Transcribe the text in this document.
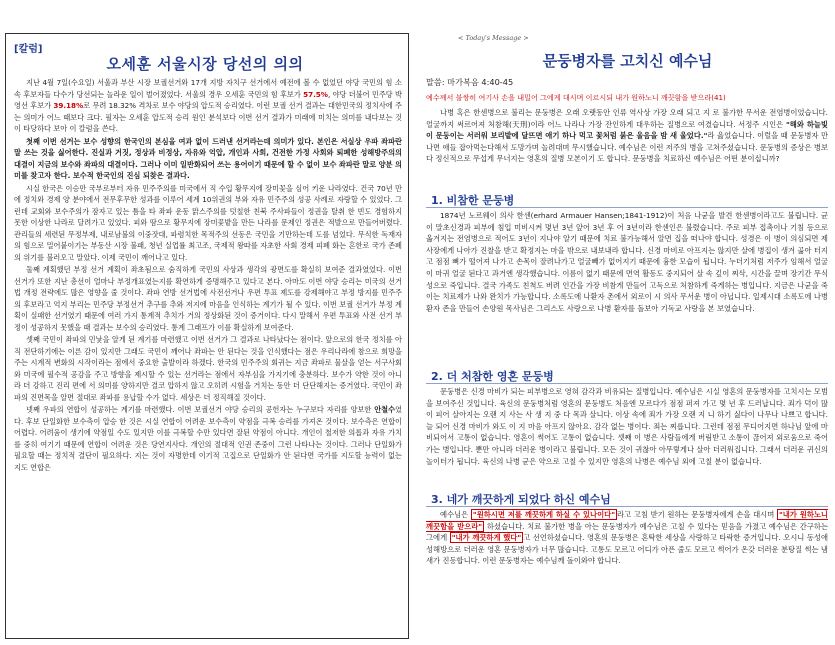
[칼럼]
오세훈 서울시장 당선의 의의

지난 4월 7일(수요일) 서울과 부산 시장 보궐선거와 17개 지방 자치구 선거에서 예전에 볼 수 없었던 야당 국민의 힘 소속 후보자들 다수가 당선되는 놀라운 일이 벌어졌었다. 서울의 경우 오세훈 국민의 힘 후보가 57.5%, 야당 더불어 민주당 박영선 후보가 39.18%로 무려 18.32% 격차로 보수 야당의 압도적 승리였다. 이런 보궐 선거 결과는 대한민국의 정치사에 주는 의미가 어느 때보다 크다. 필자는 오세훈 압도적 승리 원인 분석보다 이번 선거 결과가 미래에 미치는 의미를 내다보는 것이 타당하다 보아 이 칼럼을 쓴다.

첫째 이번 선거는 보수 성향의 한국인의 본심을 여과 없이 드러낸 선거라는데 의미가 있다. 본인은 서실상 우파 좌파란 말 쓰는 것을 싫어한다. 진실과 거짓, 정상과 비정상, 자유와 억압, 개인과 사회, 건전한 가정 사회와 퇴폐한 성해방주의의 대결이 지금의 보수와 좌파의 대결이다. 그러나 이미 일반화되어 쓰는 용어이기 때문에 할 수 없이 보수 좌파란 말로 양분 의미를 찾고자 한다. 보수적 한국인의 진심 되찾은 결과다.

시실 한국은 이승만 국부로부터 자유 민주주의를 미국에서 직 수입 황무지에 장미꽃을 심어 키운 나라였다. 건국 70년 만에 정치와 경제 양 분야에서 전무후무한 성과를 이루어 세계 10위권의 부와 자유 민주주의 성공 사례로 자랑할 수 있었다. 그런데 교회와 보수주의가 잠자고 있는 틈을 타 좌파 운동 맑스주의를 덧칠한 친북 주사파들이 정권을 탈취 한 빈도 경험하지 못한 이상한 나라로 달려가고 있었다. 피와 땀으로 황무지에 장미꽃밭을 만든 나라를 문제인 정권은 적발으로 만들어버렸다. 관리들의 세련된 무정부제, 내로남불의 이중잣대, 파렴치한 목적주의 선동은 국민을 기만하는데 도를 넘었다. 무식한 독재자의 힘으로 밀어붙이기는 부동산 시장 불패, 청년 실업률 최고조, 국제적 왕따를 자초한 사회 경제 피폐 화는 흔한로 국가 존폐의 위기를 불러오고 말았다. 이제 국민이 깨어나고 있다.

둘째 계획했던 부정 선거 계획이 좌초됨으로 숨직하게 국민의 사상과 생각의 광면도를 확실히 보여준 결과였었다. 이번 선거가 또한 지난 총선이 얼마나 부정개표였는지를 확연하게 증명해주고 있다고 본다. 아마도 이번 야당 승리는 미국의 선거법 개정 전략에도 많은 영향을 줄 것이다. 좌파 연방 선거법에 사전선거나 우편 투표 제도를 강제해야고 부정 방지를 민주주의 후보라고 억지 부리는 민주당 부정선거 추구를 추와 저지에 마음을 인식하는 계기가 될 수 있다. 이번 보궐 선거가 부정 계획이 실패한 선거였기 때문에 여러 가지 통계적 추치가 거의 정상화된 것이 증거이다. 다시 말해서 우편 투표와 사전 선거 부정이 성공하지 못했을 때 결과는 보수의 승리였다. 통계 그래프가 이를 확실하게 보여준다.

셋째 국민이 좌파의 민낯을 알게 된 계기를 마련했고 이번 선거가 그 결과로 나타났다는 점이다. 앞으로의 한국 정치를 아직 전단하기에는 이른 감이 있지만 그래도 국민이 깨어나 좌파는 안 된다는 것을 인식했다는 점은 우리나라에 참으로 희망을 주는 시계적 변화의 시작이라는 점에서 중요한 출발이라 하겠다. 한국의 민주주의 회귀는 지금 좌파로 물살을 얻는 서구사회와 미국에 필수적 공감을 주고 방향을 제시할 수 있는 선거라는 점에서 자부심을 가지기에 충분하다. 보수가 약한 것이 아니라 더 강하고 진리 편에 서 의미를 양하지만 결코 압하지 않고 오히려 시험을 거치는 동안 더 단단해지는 증거였다. 국민이 좌파의 진면목을 알면 절대로 좌파를 용납할 수가 없다. 세상은 더 정직해질 것이다.

넷째 우파의 연합이 성공하는 계기를 마련했다. 이번 보궐선거 야당 승리의 공헌자는 누구보다 자리를 양보한 안철수였다. 후보 단일화한 보수측이 압승 한 것은 시실 연합이 어려운 보수측이 약점을 극복 승리를 가져온 것이다. 보수측은 연합이 어렵다. 어려움이 생기에 약점일 수도 있지만 이를 극복할 수만 있다면 잘된 약점이 아니다. 개인이 철저한 의롭과 자유 가치를 중히 여기기 때문에 연합이 어려운 것은 당연지사다. 개인의 절대적 인권 존중이 그런 나타나는 것이다. 그러나 단일화가 필요할 때는 정치적 결단이 필요하다. 지는 것이 자명한데 이기적 고집으로 단일화가 안 된다면 국가를 지도할 능력이 없는 지도 연합은

< Today's Message >
문둥병자를 고치신 예수님
말씀: 마가복음 4:40-45
예수께서 불쌍히 여기사 손을 내밀어 그에게 대시며 이르시되 내가 원하노니 깨끗함을 받으라(41)

나병 혹은 한센병으로 불리는 문둥병은 오래 오랫동안 인류 역사상 가장 오래 되고 지 로 불가한 무서운 전염병이었습니다. 얼굴까지 써르어져 처참해(天刑)이라 어느 나라나 가장 잔인하게 대우하는 질병으로 여겼습니다. 서정주 시인은 "해와 하늘빛이 문둥이는 서러워 보리밭에 달뜨면 애기 하나 먹고 꽃처럼 붉은 울음을 밤 새 울었다."라 읊었습니다. 이럴을 때 문둥병자 만나면 애들 잡아먹는다해서 도망가며 놀려대며 무시했습니다. 예수님은 이런 저주의 병을 고쳐주셨습니다. 문둥병의 증상은 병보다 정신적으로 무섭게 무너지는 영혼의 질병 모본이기 도 합니다. 문둥병을 치료하신 예수님은 어떤 분이십니까?

1. 비참한 문둥병

1874년 노르웨이 의사 한센(erhard Armauer Hansen;1841-1912)이 처음 나균을 발견 한센병이라고도 불립니다. 균이 말초신경과 피부에 침입 미비시켜 몇년 3년 앞어 3년 후 어 3년이라 한센인은 불렸습니다. 주로 피부 접촉이나 기침 등으로 옮겨지는 전염병으로 적어도 3년이 지나야 알기 때문에 치료 불가능해서 알면 집을 떠나야 합니다. 성경은 이 병이 의심되면 제사장에게 나아가 진찰을 받고 확정지는 마을 밖으로 내보내라 합니다. 신경 마비로 아프지는 않지만 살에 병집이 생겨 곪아 터지고 점점 뼈가 떨어져 나가고 손목이 잘려나가고 얼굴빼가 없어지기 때문에 흉한 모습이 됩니다. 누더기처럼 저주가 임해서 얼굴이 마귀 얼굴 된다고 과거엔 생각했습니다. 이름이 없기 때문에 면역 활동도 중지되어 살 속 깊이 찌삭, 시간을 끌며 장기간 무식성으로 죽입니다. 결국 가족도 친척도 버려 인간을 가장 비참게 만들어 고독으로 처참하게 죽게하는 병입니다. 지금은 나균을 죽이는 치료제가 나와 완치가 가능합니다. 소록도에 나환자 촌에서 외로이 시 의사 무서운 병이 아닙니다. 일제시대 소록도에 나병 환자 존을 만들어 손양원 목사님은 그리스도 사랑으로 나병 환자를 돌보아 기독교 사랑을 본 보였습니다.

2. 더 처참한 영혼 문둥병

문둥병은 신경 마비가 되는 피부병으로 영혀 감각과 비유되는 질병입니다. 예수님은 시실 영혼의 문둥병자를 고치시는 모범을 보여주신 것입니다. 육신의 문둥병처럼 영혼의 문둥병도 처음엔 모르다가 점점 퍼져 가고 몇 년 후 드러납니다. 죄가 덕이 많이 피어 살아지는 오랜 지 사는 사 생 지 중 다 목과 살니다. 이상 속에 죄가 가장 오랜 지 니 하기 싫다이 나무나 나쁘고 합니다. 늘 되어 신경 마비가 와도 이 지 마음 아프지 않아요. 감각 없는 병이다. 죄는 찌릅니다. 그런데 점점 무디어지면 하나님 앞에 마비되어서 고통이 없습니다. 영혼이 썩어도 고통이 없습니다. 셋째 이 병은 사람들에게 버림받고 소통이 끊어져 외로움으로 죽어가는 병입니다. 뿐만 아니라 더러운 병이라고 불립니다. 모든 것이 귀찮아 아무렇게나 살아 더러워집니다. 그래서 더러운 귀신의 놀이터가 됩니다. 육신의 나병 균은 약으로 고칠 수 있지만 영혼의 나병은 예수님 외에 고칠 분이 없습니다.

3. 네가 깨끗하게 되었다 하신 예수님

예수님은 "원하시면 저를 깨끗하게 하실 수 있나이다" 라고 고침 받기 원하는 문둥병자에게 손을 대시며 "내가 원하노니 깨끗함을 받으라" 하셨습니다. 치료 불가한 병을 아는 문둥병자가 예수님은 고칠 수 있다는 믿음을 가졌고 예수님은 간구하는 그에게 "내가 깨끗하게 했다" 고 선언하셨습니다. 영혼의 문둥병은 혼탁한 세상을 사랑하고 타락한 증거입니다. 오시니 동성애 성해방으로 더러운 영혼 문둥병자가 너무 많습니다. 고통도 모르고 어디가 아픈 줄도 모르고 썩어가 온갖 더러운 분탕질 썩는 냄새가 진동합니다. 이런 문둥병자는 예수님께 돌이와야 합니다.
